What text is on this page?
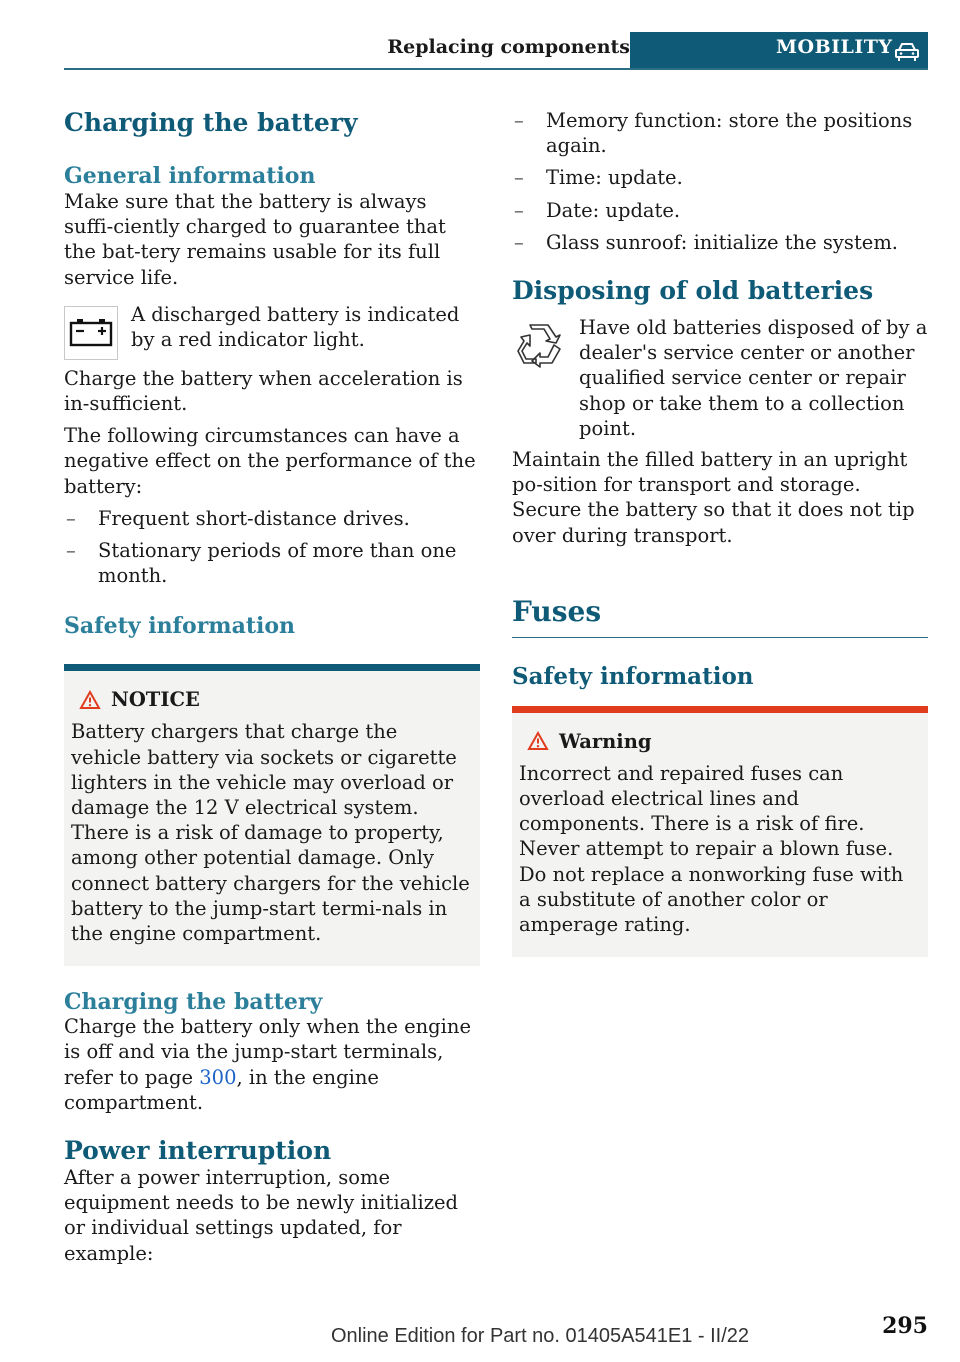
Replacing components	MOBILITY
Charging the battery
General information

Make sure that the battery is always suffi-ciently charged to guarantee that the bat-tery remains usable for its full service life.

A discharged battery is indicated by a red indicator light.

Charge the battery when acceleration is in-sufficient.

The following circumstances can have a negative effect on the performance of the battery:

– Frequent short-distance drives.
– Stationary periods of more than one month.
Safety information
NOTICE

Battery chargers that charge the vehicle battery via sockets or cigarette lighters in the vehicle may overload or damage the 12 V electrical system. There is a risk of damage to property, among other potential damage. Only connect battery chargers for the vehicle battery to the jump-start termi-nals in the engine compartment.

Charging the battery

Charge the battery only when the engine is off and via the jump-start terminals, refer to page 300, in the engine compartment.

Power interruption

After a power interruption, some equipment needs to be newly initialized or individual settings updated, for example:

– Memory function: store the positions again.
– Time: update.
– Date: update.
– Glass sunroof: initialize the system.
Disposing of old batteries

Have old batteries disposed of by a dealer's service center or another qualified service center or repair shop or take them to a collection point.

Maintain the filled battery in an upright po-sition for transport and storage. Secure the battery so that it does not tip over during transport.

Fuses
Safety information
Warning

Incorrect and repaired fuses can overload electrical lines and components. There is a risk of fire. Never attempt to repair a blown fuse. Do not replace a nonworking fuse with a substitute of another color or amperage rating.

295
Online Edition for Part no. 01405A541E1 - II/22
